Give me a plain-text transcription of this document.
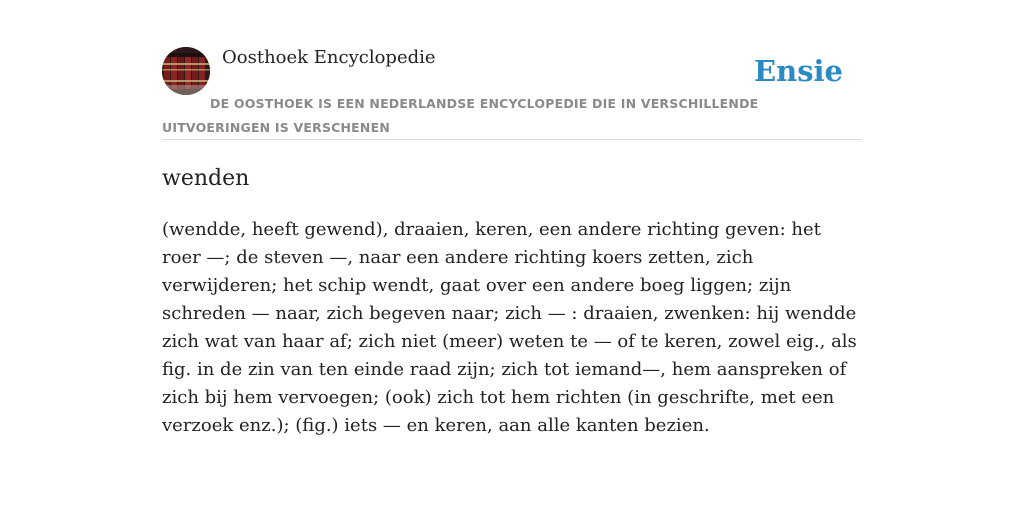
Oosthoek Encyclopedie	Ensie
DE OOSTHOEK IS EEN NEDERLANDSE ENCYCLOPEDIE DIE IN VERSCHILLENDE UITVOERINGEN IS VERSCHENEN
wenden

(wendde, heeft gewend), draaien, keren, een andere richting geven: het roer —; de steven —, naar een andere richting koers zetten, zich verwijderen; het schip wendt, gaat over een andere boeg liggen; zijn schreden — naar, zich begeven naar; zich — : draaien, zwenken: hij wendde zich wat van haar af; zich niet (meer) weten te — of te keren, zowel eig., als fig. in de zin van ten einde raad zijn; zich tot iemand—, hem aanspreken of zich bij hem vervoegen; (ook) zich tot hem richten (in geschrifte, met een verzoek enz.); (fig.) iets — en keren, aan alle kanten bezien.
